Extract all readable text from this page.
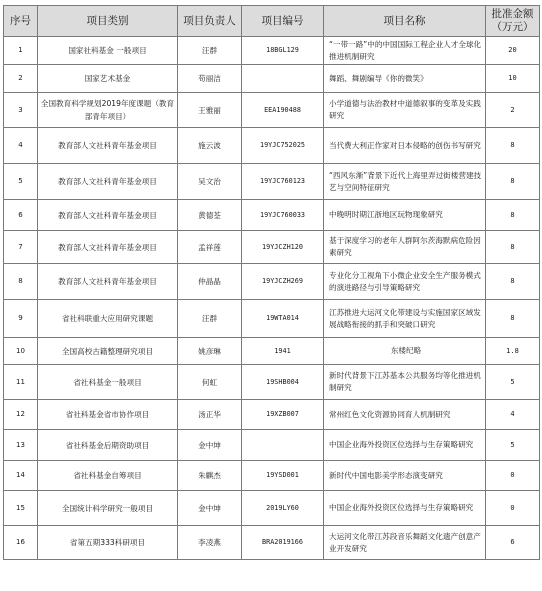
序号	项目类别	项目负责人	项目编号	项目名称	批准金额（万元）
1	国家社科基金 一般项目	汪群	18BGL129	“一带一路”中的中国国际工程企业人才全球化推进机制研究	20
2	国家艺术基金	苟丽洁		舞蹈、舞剧编导《你的微笑》	10
3	全国教育科学规划2019年度课题（教育部青年项目）	王雅丽	EEA190488	小学道德与法治教材中道德叙事的变革及实践研究	2
4	教育部人文社科青年基金项目	施云波	19YJC752025	当代费大利正作家对日本侵略的创伤书写研究	8
5	教育部人文社科青年基金项目	吴文治	19YJC760123	“西风东渐”背景下近代上海里弄过街楼营建技艺与空间特征研究	8
6	教育部人文社科青年基金项目	黄德荃	19YJC760033	中晚明时期江浙地区玩物现象研究	8
7	教育部人文社科青年基金项目	孟祥莲	19YJCZH120	基于深度学习的老年人群阿尔茨海默病危险因素研究	8
8	教育部人文社科青年基金项目	仲晶晶	19YJCZH269	专业化分工视角下小微企业安全生产服务模式的演进路径与引导策略研究	8
9	省社科联重大应用研究课题	汪群	19WTA014	江苏推进大运河文化带建设与实施国家区域发展战略衔接的抓手和突破口研究	8
10	全国高校古籍整理研究项目	姚彦琳	1941	东楼纪略	1.8
11	省社科基金一般项目	何虹	19SHB004	新时代背景下江苏基本公共服务均等化推进机制研究	5
12	省社科基金省市协作项目	汤正华	19XZB007	常州红色文化资源协同育人机制研究	4
13	省社科基金后期资助项目	金中坤		中国企业海外投资区位选择与生存策略研究	5
14	省社科基金自筹项目	朱麒杰	19YSD001	新时代中国电影美学形态演变研究	0
15	全国统计科学研究一般项目	金中坤	2019LY60	中国企业海外投资区位选择与生存策略研究	0
16	省第五期333科研项目	李凌燕	BRA2019166	大运河文化带江苏段音乐舞蹈文化遗产创意产业开发研究	6
